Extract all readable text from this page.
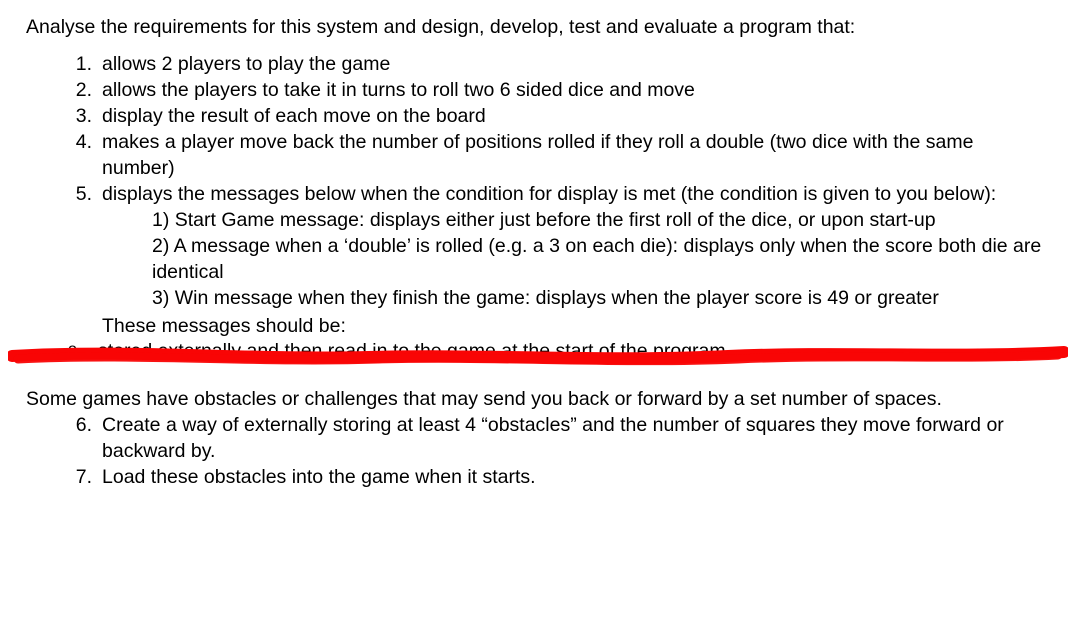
Analyse the requirements for this system and design, develop, test and evaluate a program that:

1. allows 2 players to play the game
2. allows the players to take it in turns to roll two 6 sided dice and move
3. display the result of each move on the board
4. makes a player move back the number of positions rolled if they roll a double (two dice with the same number)
5. displays the messages below when the condition for display is met (the condition is given to you below):
1) Start Game message: displays either just before the first roll of the dice, or upon start-up
2) A message when a ‘double’ is rolled (e.g. a 3 on each die): displays only when the score both die are identical
3) Win message when they finish the game: displays when the player score is 49 or greater
These messages should be:
o stored externally and then read in to the game at the start of the program

Some games have obstacles or challenges that may send you back or forward by a set number of spaces.

6. Create a way of externally storing at least 4 “obstacles” and the number of squares they move forward or backward by.
7. Load these obstacles into the game when it starts.
